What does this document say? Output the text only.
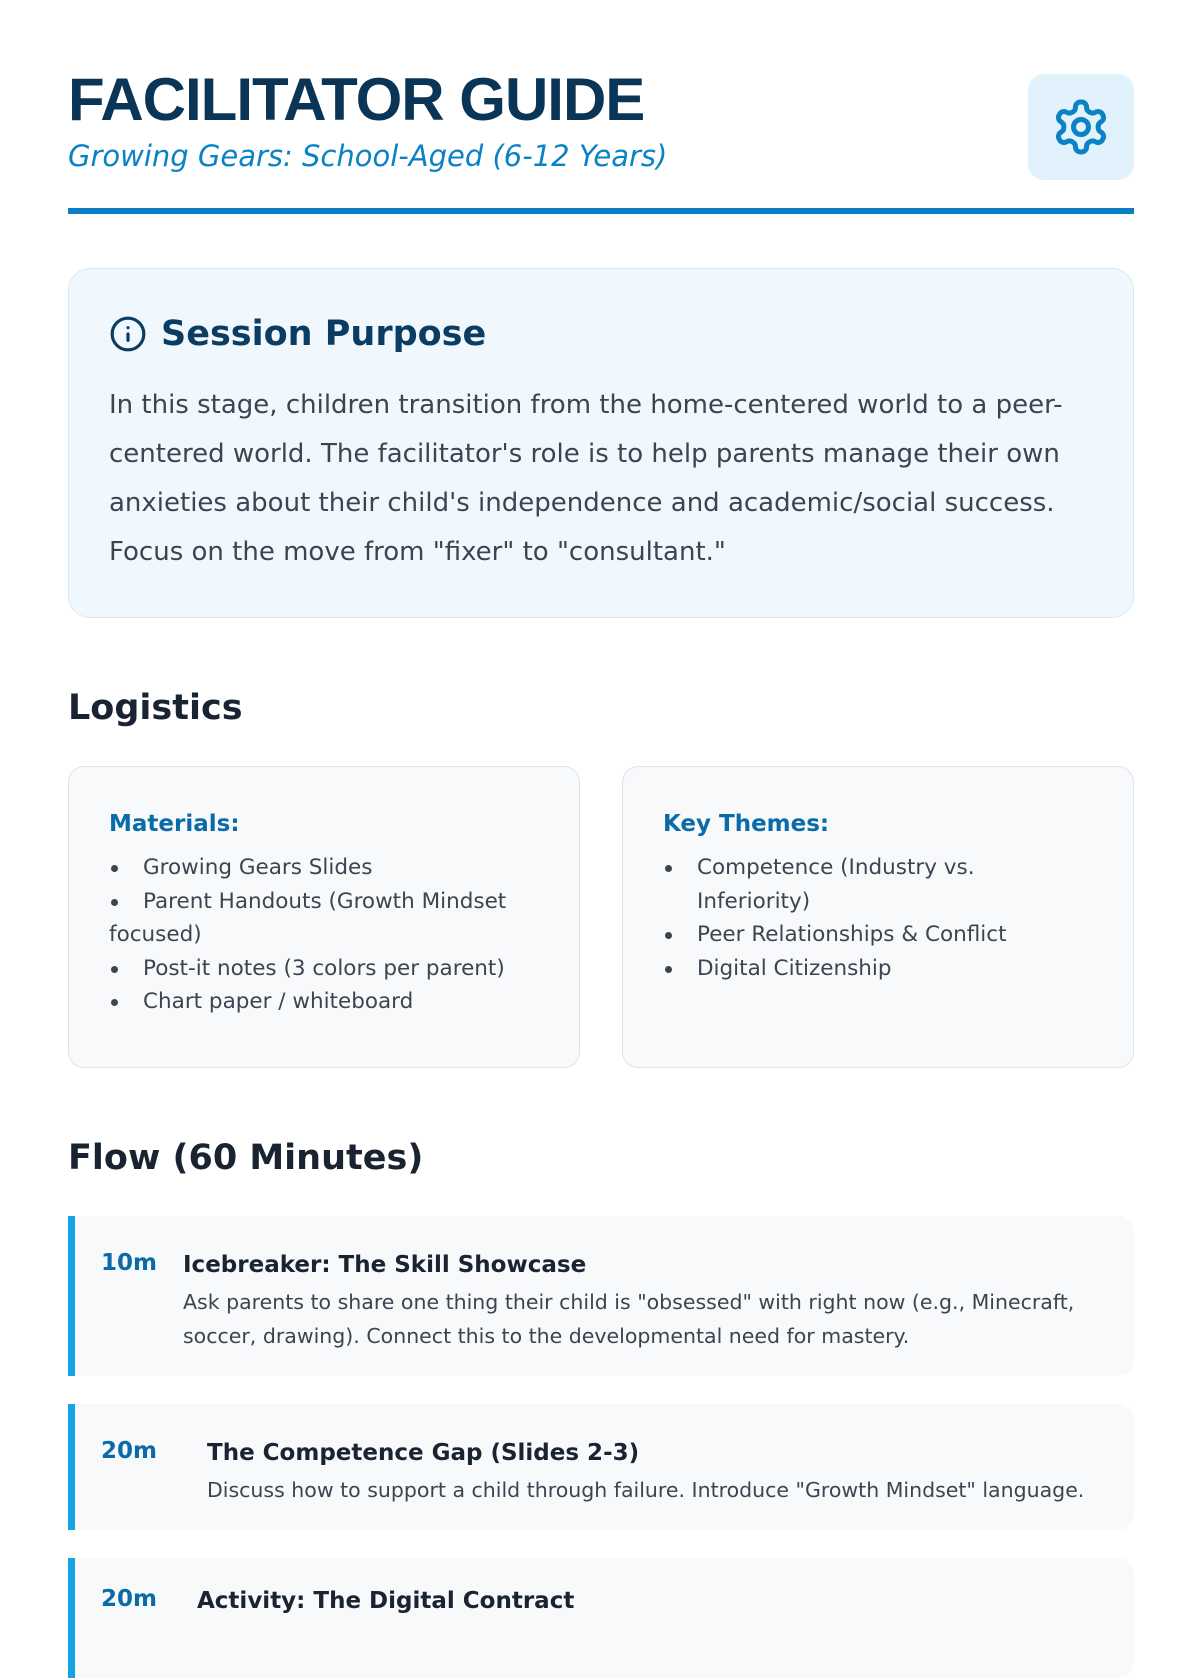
FACILITATOR GUIDE

Growing Gears: School-Aged (6-12 Years)

Session Purpose

In this stage, children transition from the home-centered world to a peer-centered world. The facilitator's role is to help parents manage their own anxieties about their child's independence and academic/social success. Focus on the move from "fixer" to "consultant."

Logistics

Materials:

Growing Gears Slides
Parent Handouts (Growth Mindset focused)
Post-it notes (3 colors per parent)
Chart paper / whiteboard

Key Themes:

Competence (Industry vs. Inferiority)
Peer Relationships & Conflict
Digital Citizenship
Flow (60 Minutes)
10m Icebreaker: The Skill Showcase

Ask parents to share one thing their child is "obsessed" with right now (e.g., Minecraft, soccer, drawing). Connect this to the developmental need for mastery.

20m The Competence Gap (Slides 2-3)

Discuss how to support a child through failure. Introduce "Growth Mindset" language.

20m Activity: The Digital Contract
